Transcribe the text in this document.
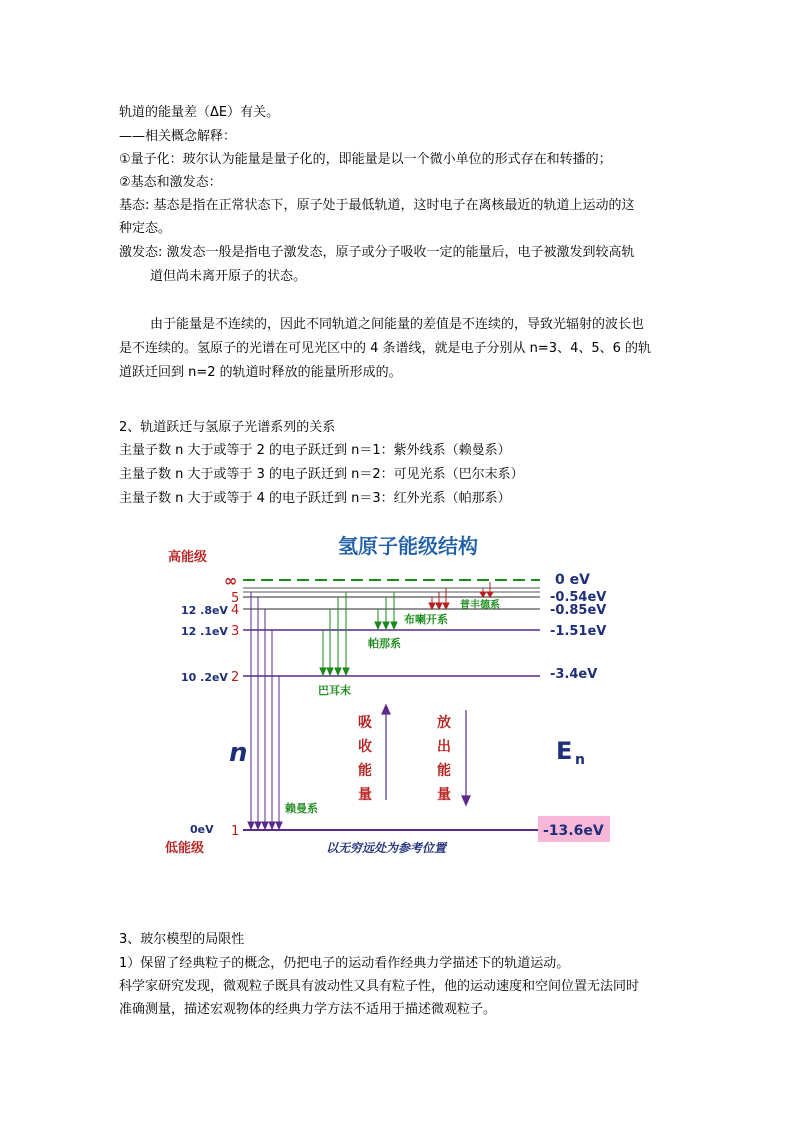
轨道的能量差（ΔE）有关。
——相关概念解释：
①量子化：玻尔认为能量是量子化的，即能量是以一个微小单位的形式存在和转播的；
②基态和激发态：
基态: 基态是指在正常状态下，原子处于最低轨道，这时电子在离核最近的轨道上运动的这
种定态。
激发态: 激发态一般是指电子激发态，原子或分子吸收一定的能量后，电子被激发到较高轨
道但尚未离开原子的状态。
由于能量是不连续的，因此不同轨道之间能量的差值是不连续的，导致光辐射的波长也
是不连续的。氢原子的光谱在可见光区中的 4 条谱线，就是电子分别从 n=3、4、5、6 的轨
道跃迁回到 n=2 的轨道时释放的能量所形成的。
2、轨道跃迁与氢原子光谱系列的关系
主量子数 n 大于或等于 2 的电子跃迁到 n＝1：紫外线系（赖曼系）
主量子数 n 大于或等于 3 的电子跃迁到 n＝2：可见光系（巴尔末系）
主量子数 n 大于或等于 4 的电子跃迁到 n＝3：红外光系（帕那系）
氢原子能级结构
高能级
低能级
∞	0 eV
5	-0.54eV
4
12 .8eV	-0.85eV
3
12 .1eV	-1.51eV
2
10 .2eV	-3.4eV
1
0eV	-13.6eV
赖曼系
巴耳末
帕那系
布喇开系
普丰德系
n	E n
吸
收
能
量
放
出
能
量
以无穷远处为参考位置
3、玻尔模型的局限性
1）保留了经典粒子的概念，仍把电子的运动看作经典力学描述下的轨道运动。
科学家研究发现，微观粒子既具有波动性又具有粒子性，他的运动速度和空间位置无法同时
准确测量，描述宏观物体的经典力学方法不适用于描述微观粒子。
